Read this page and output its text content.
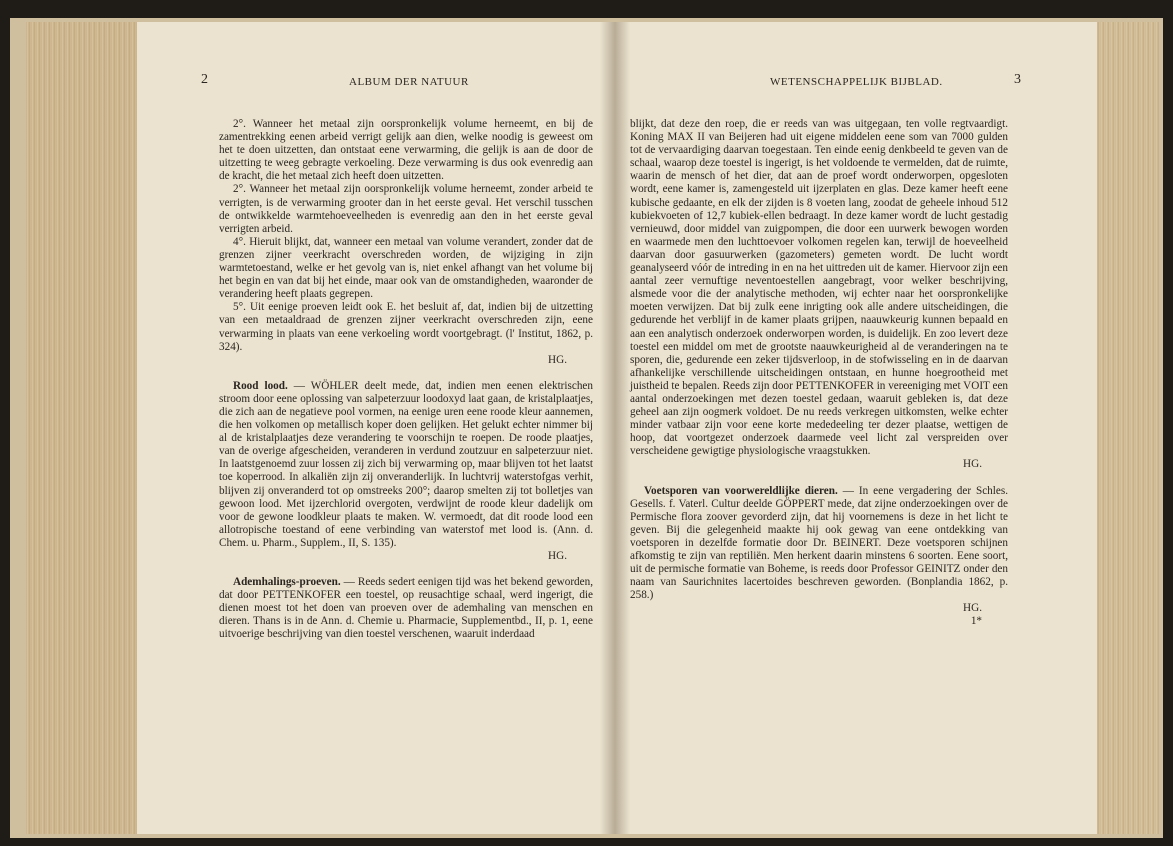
2	ALBUM DER NATUUR

2°. Wanneer het metaal zijn oorspronkelijk volume herneemt, en bij de zamentrekking eenen arbeid verrigt gelijk aan dien, welke noodig is geweest om het te doen uitzetten, dan ontstaat eene verwarming, die gelijk is aan de door de uitzetting te weeg gebragte verkoeling. Deze verwarming is dus ook evenredig aan de kracht, die het metaal zich heeft doen uitzetten.

2°. Wanneer het metaal zijn oorspronkelijk volume herneemt, zonder arbeid te verrigten, is de verwarming grooter dan in het eerste geval. Het verschil tusschen de ontwikkelde warmtehoeveelheden is evenredig aan den in het eerste geval verrigten arbeid.

4°. Hieruit blijkt, dat, wanneer een metaal van volume verandert, zonder dat de grenzen zijner veerkracht overschreden worden, de wijziging in zijn warmtetoestand, welke er het gevolg van is, niet enkel afhangt van het volume bij het begin en van dat bij het einde, maar ook van de omstandigheden, waaronder de verandering heeft plaats gegrepen.

5°. Uit eenige proeven leidt ook E. het besluit af, dat, indien bij de uitzetting van een metaaldraad de grenzen zijner veerkracht overschreden zijn, eene verwarming in plaats van eene verkoeling wordt voortgebragt. (l' Institut, 1862, p. 324).

HG.

Rood lood. — WÖHLER deelt mede, dat, indien men eenen elektrischen stroom door eene oplossing van salpeterzuur loodoxyd laat gaan, de kristalplaatjes, die zich aan de negatieve pool vormen, na eenige uren eene roode kleur aannemen, die hen volkomen op metallisch koper doen gelijken. Het gelukt echter nimmer bij al de kristalplaatjes deze verandering te voorschijn te roepen. De roode plaatjes, van de overige afgescheiden, veranderen in verdund zoutzuur en salpeterzuur niet. In laatstgenoemd zuur lossen zij zich bij verwarming op, maar blijven tot het laatst toe koperrood. In alkaliën zijn zij onveranderlijk. In luchtvrij waterstofgas verhit, blijven zij onveranderd tot op omstreeks 200°; daarop smelten zij tot bolletjes van gewoon lood. Met ijzerchlorid overgoten, verdwijnt de roode kleur dadelijk om voor de gewone loodkleur plaats te maken. W. vermoedt, dat dit roode lood een allotropische toestand of eene verbinding van waterstof met lood is. (Ann. d. Chem. u. Pharm., Supplem., II, S. 135).

HG.

Ademhalings-proeven. — Reeds sedert eenigen tijd was het bekend geworden, dat door PETTENKOFER een toestel, op reusachtige schaal, werd ingerigt, die dienen moest tot het doen van proeven over de ademhaling van menschen en dieren. Thans is in de Ann. d. Chemie u. Pharmacie, Supplementbd., II, p. 1, eene uitvoerige beschrijving van dien toestel verschenen, waaruit inderdaad

WETENSCHAPPELIJK BIJBLAD.	3

blijkt, dat deze den roep, die er reeds van was uitgegaan, ten volle regtvaardigt. Koning MAX II van Beijeren had uit eigene middelen eene som van 7000 gulden tot de vervaardiging daarvan toegestaan. Ten einde eenig denkbeeld te geven van de schaal, waarop deze toestel is ingerigt, is het voldoende te vermelden, dat de ruimte, waarin de mensch of het dier, dat aan de proef wordt onderworpen, opgesloten wordt, eene kamer is, zamengesteld uit ijzerplaten en glas. Deze kamer heeft eene kubische gedaante, en elk der zijden is 8 voeten lang, zoodat de geheele inhoud 512 kubiekvoeten of 12,7 kubiek-ellen bedraagt. In deze kamer wordt de lucht gestadig vernieuwd, door middel van zuigpompen, die door een uurwerk bewogen worden en waarmede men den luchttoevoer volkomen regelen kan, terwijl de hoeveelheid daarvan door gasuurwerken (gazometers) gemeten wordt. De lucht wordt geanalyseerd vóór de intreding in en na het uittreden uit de kamer. Hiervoor zijn een aantal zeer vernuftige neventoestellen aangebragt, voor welker beschrijving, alsmede voor die der analytische methoden, wij echter naar het oorspronkelijke moeten verwijzen. Dat bij zulk eene inrigting ook alle andere uitscheidingen, die gedurende het verblijf in de kamer plaats grijpen, naauwkeurig kunnen bepaald en aan een analytisch onderzoek onderworpen worden, is duidelijk. En zoo levert deze toestel een middel om met de grootste naauwkeurigheid al de veranderingen na te sporen, die, gedurende een zeker tijdsverloop, in de stofwisseling en in de daarvan afhankelijke verschillende uitscheidingen ontstaan, en hunne hoegrootheid met juistheid te bepalen. Reeds zijn door PETTENKOFER in vereeniging met VOIT een aantal onderzoekingen met dezen toestel gedaan, waaruit gebleken is, dat deze geheel aan zijn oogmerk voldoet. De nu reeds verkregen uitkomsten, welke echter minder vatbaar zijn voor eene korte mededeeling ter dezer plaatse, wettigen de hoop, dat voortgezet onderzoek daarmede veel licht zal verspreiden over verscheidene gewigtige physiologische vraagstukken.

HG.

Voetsporen van voorwereldlijke dieren. — In eene vergadering der Schles. Gesells. f. Vaterl. Cultur deelde GÖPPERT mede, dat zijne onderzoekingen over de Permische flora zoover gevorderd zijn, dat hij voornemens is deze in het licht te geven. Bij die gelegenheid maakte hij ook gewag van eene ontdekking van voetsporen in dezelfde formatie door Dr. BEINERT. Deze voetsporen schijnen afkomstig te zijn van reptiliën. Men herkent daarin minstens 6 soorten. Eene soort, uit de permische formatie van Boheme, is reeds door Professor GEINITZ onder den naam van Saurichnites lacertoides beschreven geworden. (Bonplandia 1862, p. 258.)

HG.
1*
